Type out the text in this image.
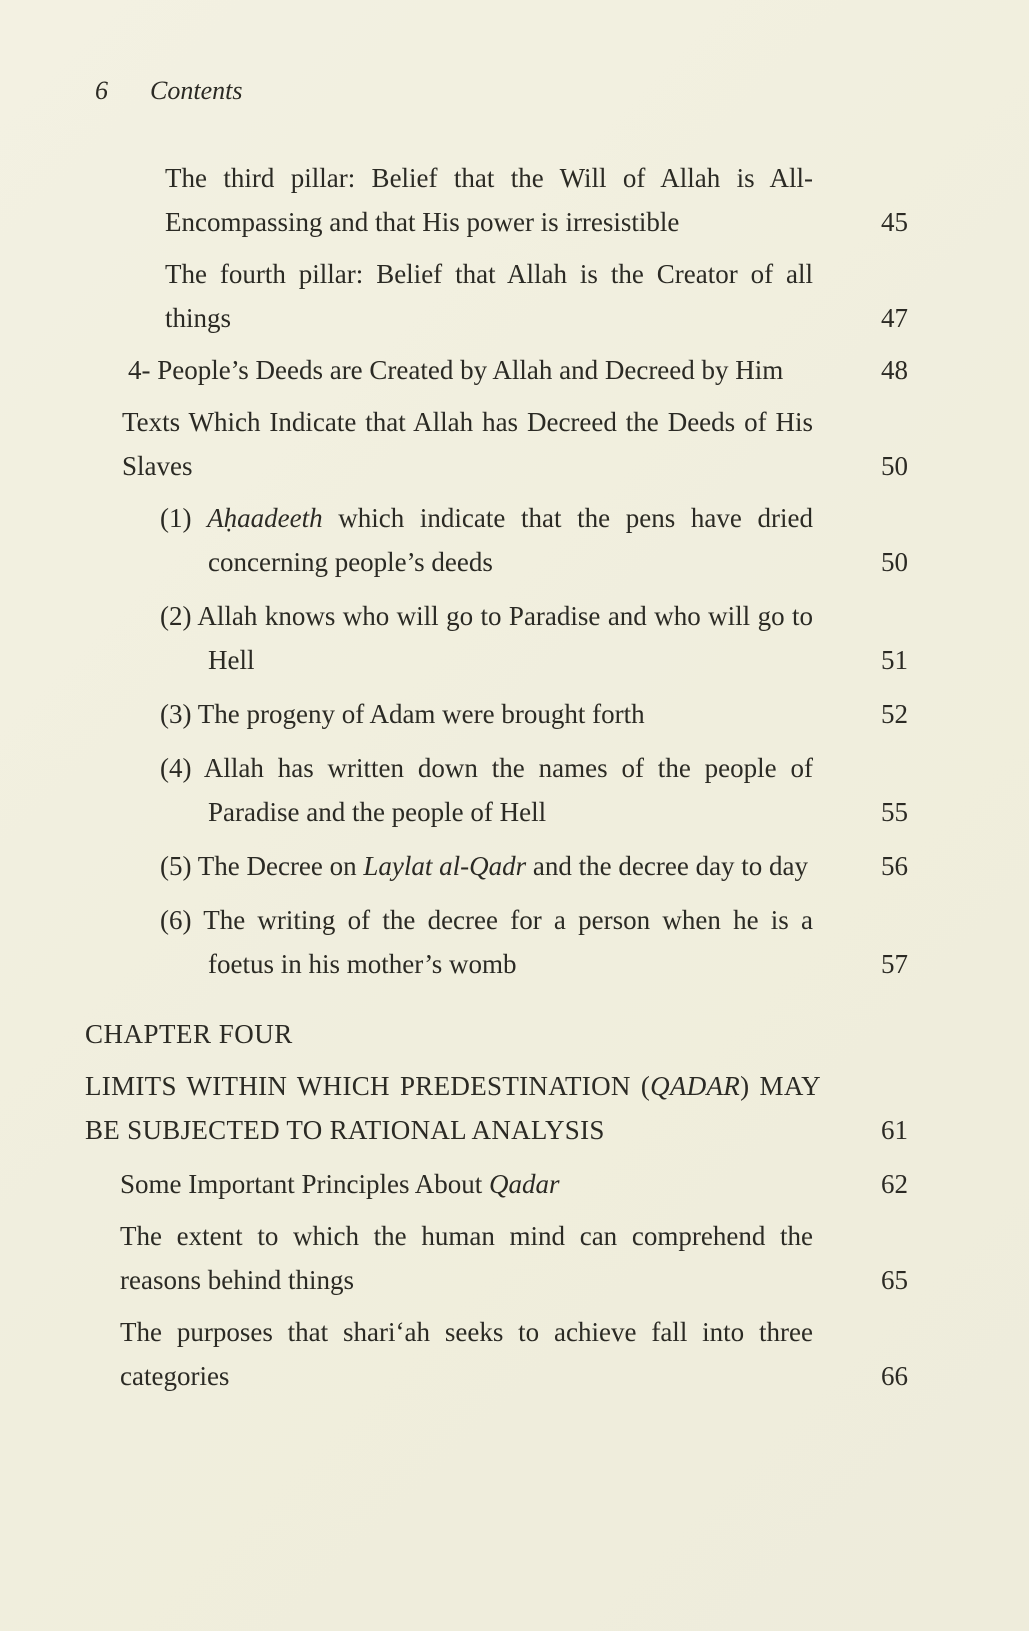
6 Contents
The third pillar: Belief that the Will of Allah is All-Encompassing and that His power is irresistible	45
The fourth pillar: Belief that Allah is the Creator of all things	47
4- People’s Deeds are Created by Allah and Decreed by Him	48
Texts Which Indicate that Allah has Decreed the Deeds of His Slaves	50
(1) Aḥaadeeth which indicate that the pens have dried concerning people’s deeds	50
(2) Allah knows who will go to Paradise and who will go to Hell	51
(3) The progeny of Adam were brought forth	52
(4) Allah has written down the names of the people of Paradise and the people of Hell	55
(5) The Decree on Laylat al-Qadr and the decree day to day	56
(6) The writing of the decree for a person when he is a foetus in his mother’s womb	57
CHAPTER FOUR
LIMITS WITHIN WHICH PREDESTINATION (QADAR) MAY BE SUBJECTED TO RATIONAL ANALYSIS	61
Some Important Principles About Qadar	62
The extent to which the human mind can comprehend the reasons behind things	65
The purposes that shari‘ah seeks to achieve fall into three categories	66
